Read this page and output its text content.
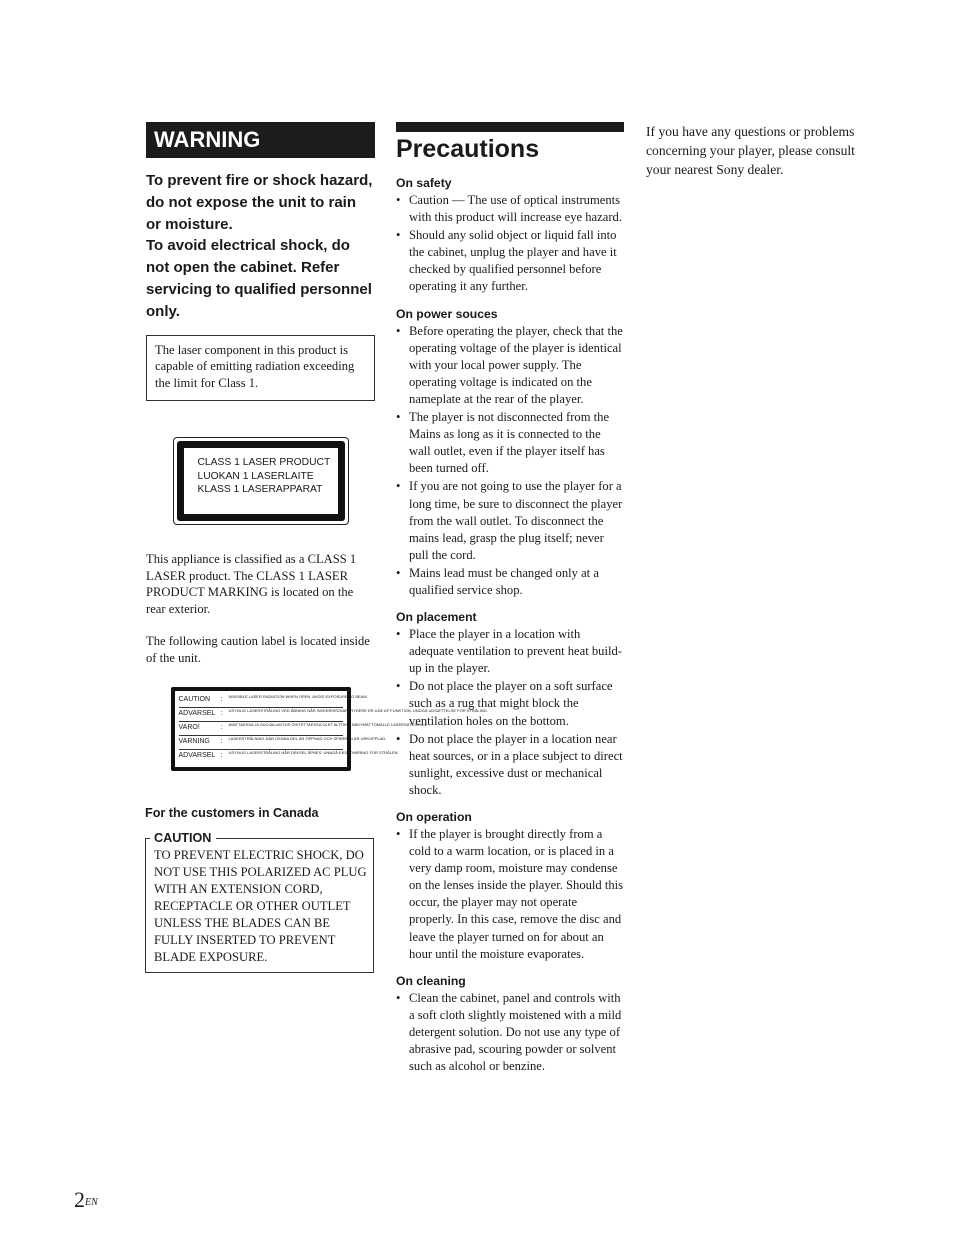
WARNING

To prevent fire or shock hazard, do not expose the unit to rain or moisture.

To avoid electrical shock, do not open the cabinet. Refer servicing to qualified personnel only.

The laser component in this product is capable of emitting radiation exceeding the limit for Class 1.
CLASS 1 LASER PRODUCT
LUOKAN 1 LASERLAITE
KLASS 1 LASERAPPARAT

This appliance is classified as a CLASS 1 LASER product. The CLASS 1 LASER PRODUCT MARKING is located on the rear exterior.

The following caution label is located inside of the unit.

CAUTION	:	INVISIBLE LASER RADIATION WHEN OPEN. AVOID EXPOSURE TO BEAM.
ADVARSEL :	USYNLIG LASERSTRÅLING VED ÅBNING NÅR SIKKERHEDSAFBRYDERE ER UDE AF FUNKTION. UNDGÅ UDSÆTTELSE FOR STRÅLING.
VARO!	:	AVATTAESSA JA SUOJALUKITUS OHITETTAESSA OLET ALTTIINA NÄKYMÄTTÖMÄLLE LASERSÄTEILYLLE.
VARNING	:	LASERSTRÅLNING NÄR DENNA DEL ÄR ÖPPNAD OCH SPÄRREN ÄR URKOPPLAD.
ADVARSEL :	USYNLIG LASERSTRÅLING NÅR DEKSEL ÅPNES. UNNGÅ EKSPONERING FOR STRÅLEN.
For the customers in Canada
CAUTION
TO PREVENT ELECTRIC SHOCK, DO NOT USE THIS POLARIZED AC PLUG WITH AN EXTENSION CORD, RECEPTACLE OR OTHER OUTLET UNLESS THE BLADES CAN BE FULLY INSERTED TO PREVENT BLADE EXPOSURE.
Precautions
On safety
• Caution — The use of optical instruments with this product will increase eye hazard.
• Should any solid object or liquid fall into the cabinet, unplug the player and have it checked by qualified personnel before operating it any further.
On power souces
• Before operating the player, check that the operating voltage of the player is identical with your local power supply. The operating voltage is indicated on the nameplate at the rear of the player.
• The player is not disconnected from the Mains as long as it is connected to the wall outlet, even if the player itself has been turned off.
• If you are not going to use the player for a long time, be sure to disconnect the player from the wall outlet. To disconnect the mains lead, grasp the plug itself; never pull the cord.
• Mains lead must be changed only at a qualified service shop.
On placement
• Place the player in a location with adequate ventilation to prevent heat build-up in the player.
• Do not place the player on a soft surface such as a rug that might block the ventilation holes on the bottom.
• Do not place the player in a location near heat sources, or in a place subject to direct sunlight, excessive dust or mechanical shock.
On operation
• If the player is brought directly from a cold to a warm location, or is placed in a very damp room, moisture may condense on the lenses inside the player. Should this occur, the player may not operate properly. In this case, remove the disc and leave the player turned on for about an hour until the moisture evaporates.
On cleaning
• Clean the cabinet, panel and controls with a soft cloth slightly moistened with a mild detergent solution. Do not use any type of abrasive pad, scouring powder or solvent such as alcohol or benzine.

If you have any questions or problems concerning your player, please consult your nearest Sony dealer.

$2^{EN}$
